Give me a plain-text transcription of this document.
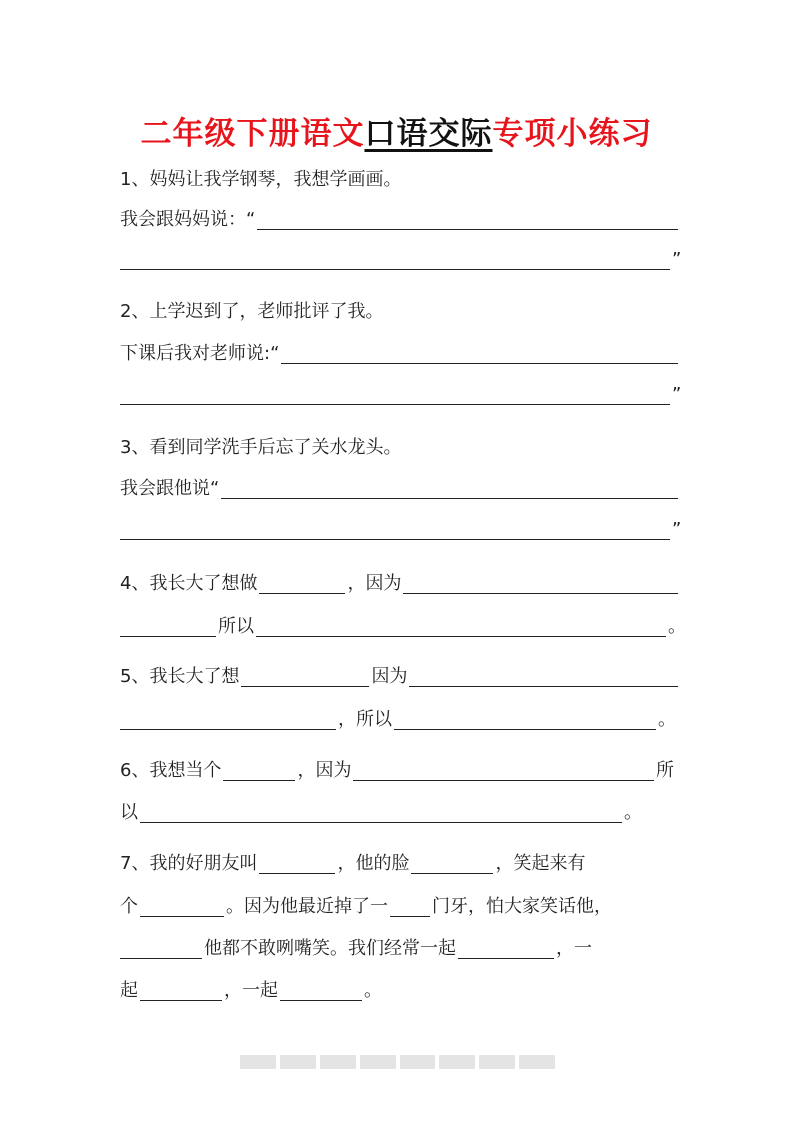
二年级下册语文口语交际专项小练习
1、妈妈让我学钢琴，我想学画画。
我会跟妈妈说：“
”
2、上学迟到了，老师批评了我。
下课后我对老师说:“
”
3、看到同学洗手后忘了关水龙头。
我会跟他说“
”
4、我长大了想做	，因为
所以	。
5、我长大了想	因为
，所以	。
6、我想当个	，因为	所
以	。
7、我的好朋友叫	，他的脸	，笑起来有
个	。因为他最近掉了一 门牙，怕大家笑话他，
他都不敢咧嘴笑。我们经常一起	，一
起	，一起	。
